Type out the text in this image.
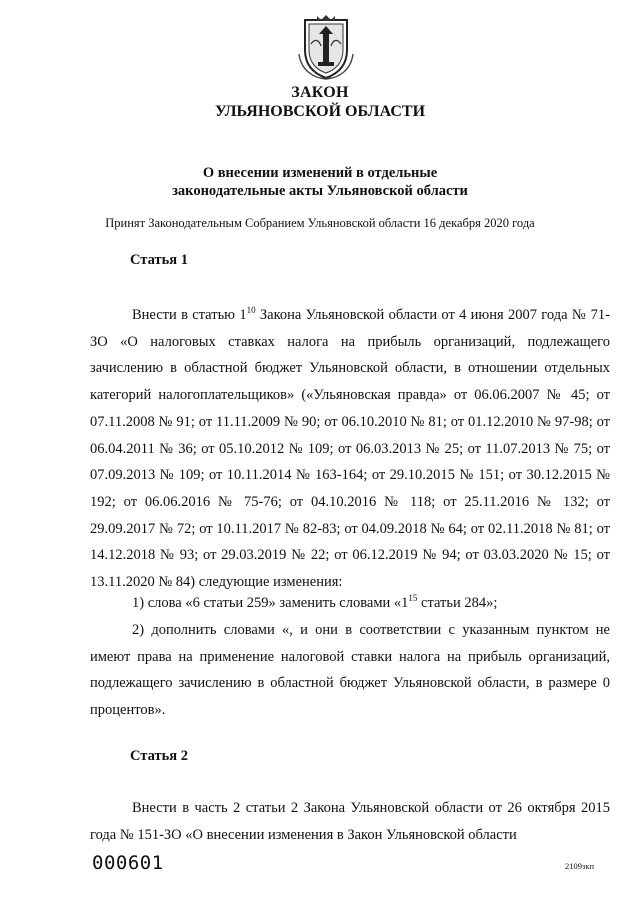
ЗАКОН
УЛЬЯНОВСКОЙ ОБЛАСТИ
О внесении изменений в отдельные
законодательные акты Ульяновской области
Принят Законодательным Собранием Ульяновской области 16 декабря 2020 года
Статья 1
Внести в статью $1^{10}$ Закона Ульяновской области от 4 июня 2007 года № 71-ЗО «О налоговых ставках налога на прибыль организаций, подлежащего зачислению в областной бюджет Ульяновской области, в отношении отдельных категорий налогоплательщиков» («Ульяновская правда» от 06.06.2007 № 45; от 07.11.2008 № 91; от 11.11.2009 № 90; от 06.10.2010 № 81; от 01.12.2010 № 97-98; от 06.04.2011 № 36; от 05.10.2012 № 109; от 06.03.2013 № 25; от 11.07.2013 № 75; от 07.09.2013 № 109; от 10.11.2014 № 163-164; от 29.10.2015 № 151; от 30.12.2015 № 192; от 06.06.2016 № 75-76; от 04.10.2016 № 118; от 25.11.2016 № 132; от 29.09.2017 № 72; от 10.11.2017 № 82-83; от 04.09.2018 № 64; от 02.11.2018 № 81; от 14.12.2018 № 93; от 29.03.2019 № 22; от 06.12.2019 № 94; от 03.03.2020 № 15; от 13.11.2020 № 84) следующие изменения:
1) слова «6 статьи 259» заменить словами «$1^{15}$ статьи 284»;
2) дополнить словами «, и они в соответствии с указанным пунктом не имеют права на применение налоговой ставки налога на прибыль организаций, подлежащего зачислению в областной бюджет Ульяновской области, в размере 0 процентов».
Статья 2
Внести в часть 2 статьи 2 Закона Ульяновской области от 26 октября 2015 года № 151-ЗО «О внесении изменения в Закон Ульяновской области
000601	2109зкп
